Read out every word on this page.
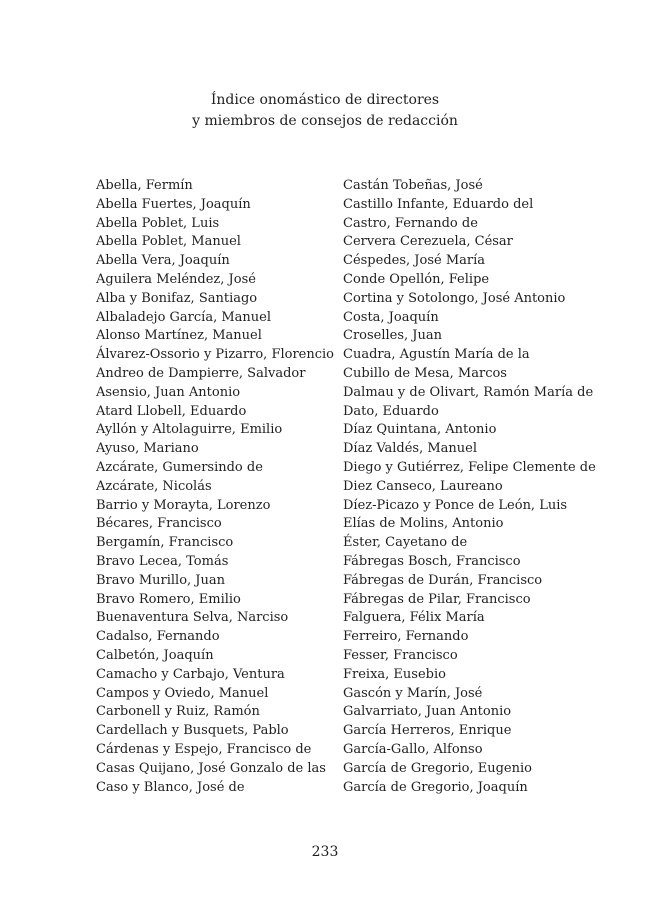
Índice onomástico de directores
y miembros de consejos de redacción
Abella, Fermín
Abella Fuertes, Joaquín
Abella Poblet, Luis
Abella Poblet, Manuel
Abella Vera, Joaquín
Aguilera Meléndez, José
Alba y Bonifaz, Santiago
Albaladejo García, Manuel
Alonso Martínez, Manuel
Álvarez-Ossorio y Pizarro, Florencio
Andreo de Dampierre, Salvador
Asensio, Juan Antonio
Atard Llobell, Eduardo
Ayllón y Altolaguirre, Emilio
Ayuso, Mariano
Azcárate, Gumersindo de
Azcárate, Nicolás
Barrio y Morayta, Lorenzo
Bécares, Francisco
Bergamín, Francisco
Bravo Lecea, Tomás
Bravo Murillo, Juan
Bravo Romero, Emilio
Buenaventura Selva, Narciso
Cadalso, Fernando
Calbetón, Joaquín
Camacho y Carbajo, Ventura
Campos y Oviedo, Manuel
Carbonell y Ruiz, Ramón
Cardellach y Busquets, Pablo
Cárdenas y Espejo, Francisco de
Casas Quijano, José Gonzalo de las
Caso y Blanco, José de
Castán Tobeñas, José
Castillo Infante, Eduardo del
Castro, Fernando de
Cervera Cerezuela, César
Céspedes, José María
Conde Opellón, Felipe
Cortina y Sotolongo, José Antonio
Costa, Joaquín
Croselles, Juan
Cuadra, Agustín María de la
Cubillo de Mesa, Marcos
Dalmau y de Olivart, Ramón María de
Dato, Eduardo
Díaz Quintana, Antonio
Díaz Valdés, Manuel
Diego y Gutiérrez, Felipe Clemente de
Diez Canseco, Laureano
Díez-Picazo y Ponce de León, Luis
Elías de Molins, Antonio
Éster, Cayetano de
Fábregas Bosch, Francisco
Fábregas de Durán, Francisco
Fábregas de Pilar, Francisco
Falguera, Félix María
Ferreiro, Fernando
Fesser, Francisco
Freixa, Eusebio
Gascón y Marín, José
Galvarriato, Juan Antonio
García Herreros, Enrique
García-Gallo, Alfonso
García de Gregorio, Eugenio
García de Gregorio, Joaquín
233
